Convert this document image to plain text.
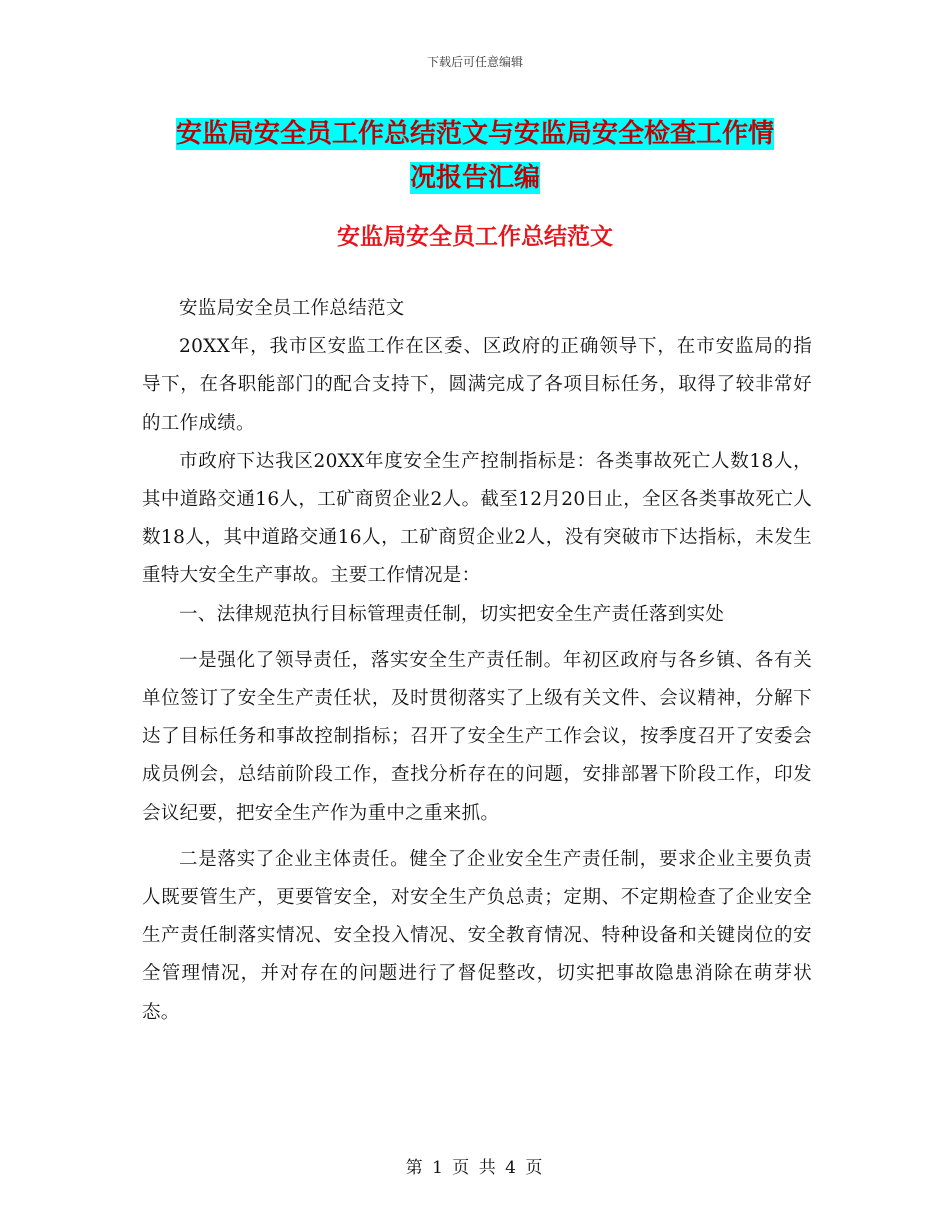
下载后可任意编辑
安监局安全员工作总结范文与安监局安全检查工作情
况报告汇编
安监局安全员工作总结范文

安监局安全员工作总结范文

20XX年，我市区安监工作在区委、区政府的正确领导下，在市安监局的指导下，在各职能部门的配合支持下，圆满完成了各项目标任务，取得了较非常好的工作成绩。

市政府下达我区20XX年度安全生产控制指标是：各类事故死亡人数18人，其中道路交通16人，工矿商贸企业2人。截至12月20日止，全区各类事故死亡人数18人，其中道路交通16人，工矿商贸企业2人，没有突破市下达指标，未发生重特大安全生产事故。主要工作情况是：

一、法律规范执行目标管理责任制，切实把安全生产责任落到实处

一是强化了领导责任，落实安全生产责任制。年初区政府与各乡镇、各有关单位签订了安全生产责任状，及时贯彻落实了上级有关文件、会议精神，分解下达了目标任务和事故控制指标；召开了安全生产工作会议，按季度召开了安委会成员例会，总结前阶段工作，查找分析存在的问题，安排部署下阶段工作，印发会议纪要，把安全生产作为重中之重来抓。

二是落实了企业主体责任。健全了企业安全生产责任制，要求企业主要负责人既要管生产，更要管安全，对安全生产负总责；定期、不定期检查了企业安全生产责任制落实情况、安全投入情况、安全教育情况、特种设备和关键岗位的安全管理情况，并对存在的问题进行了督促整改，切实把事故隐患消除在萌芽状态。

第 1 页 共 4 页
